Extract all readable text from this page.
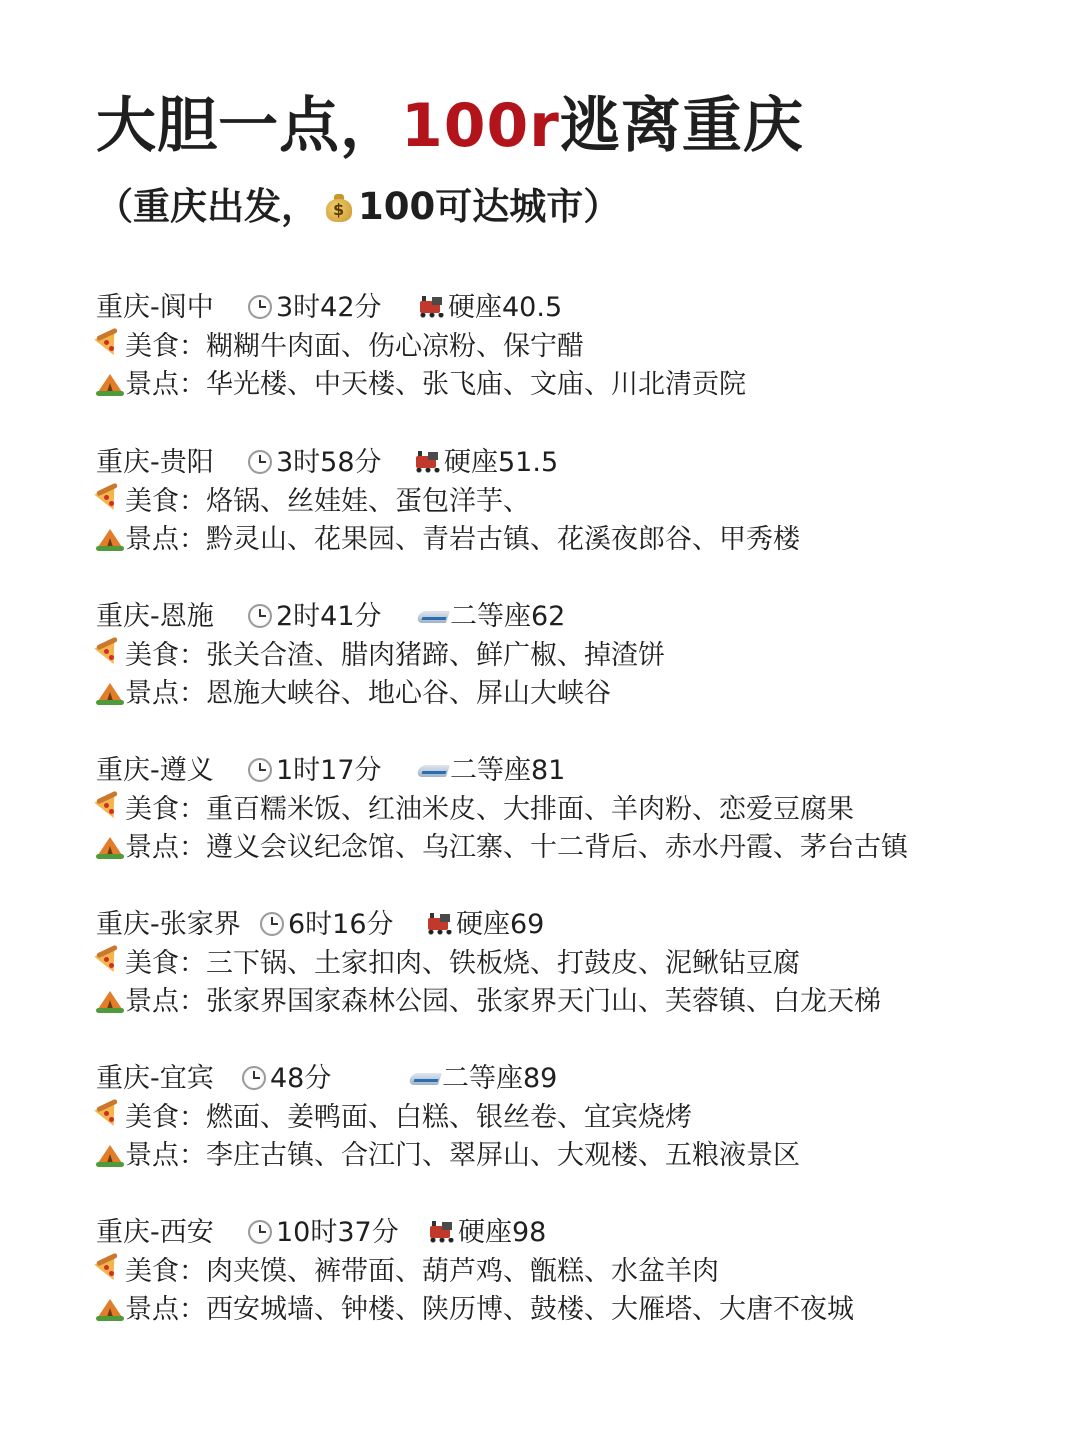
大胆一点，100r逃离重庆
（重庆出发， $ 100可达城市）
重庆-阆中 3时42分 硬座40.5
美食：糊糊牛肉面、伤心凉粉、保宁醋
景点：华光楼、中天楼、张飞庙、文庙、川北清贡院
重庆-贵阳 3时58分 硬座51.5
美食：烙锅、丝娃娃、蛋包洋芋、
景点：黔灵山、花果园、青岩古镇、花溪夜郎谷、甲秀楼
重庆-恩施 2时41分	二等座62
美食：张关合渣、腊肉猪蹄、鲜广椒、掉渣饼
景点：恩施大峡谷、地心谷、屏山大峡谷
重庆-遵义 1时17分	二等座81
美食：重百糯米饭、红油米皮、大排面、羊肉粉、恋爱豆腐果
景点：遵义会议纪念馆、乌江寨、十二背后、赤水丹霞、茅台古镇
重庆-张家界 6时16分 硬座69
美食：三下锅、土家扣肉、铁板烧、打鼓皮、泥鳅钻豆腐
景点：张家界国家森林公园、张家界天门山、芙蓉镇、白龙天梯
重庆-宜宾 48分	二等座89
美食：燃面、姜鸭面、白糕、银丝卷、宜宾烧烤
景点：李庄古镇、合江门、翠屏山、大观楼、五粮液景区
重庆-西安 10时37分 硬座98
美食：肉夹馍、裤带面、葫芦鸡、甑糕、水盆羊肉
景点：西安城墙、钟楼、陕历博、鼓楼、大雁塔、大唐不夜城
